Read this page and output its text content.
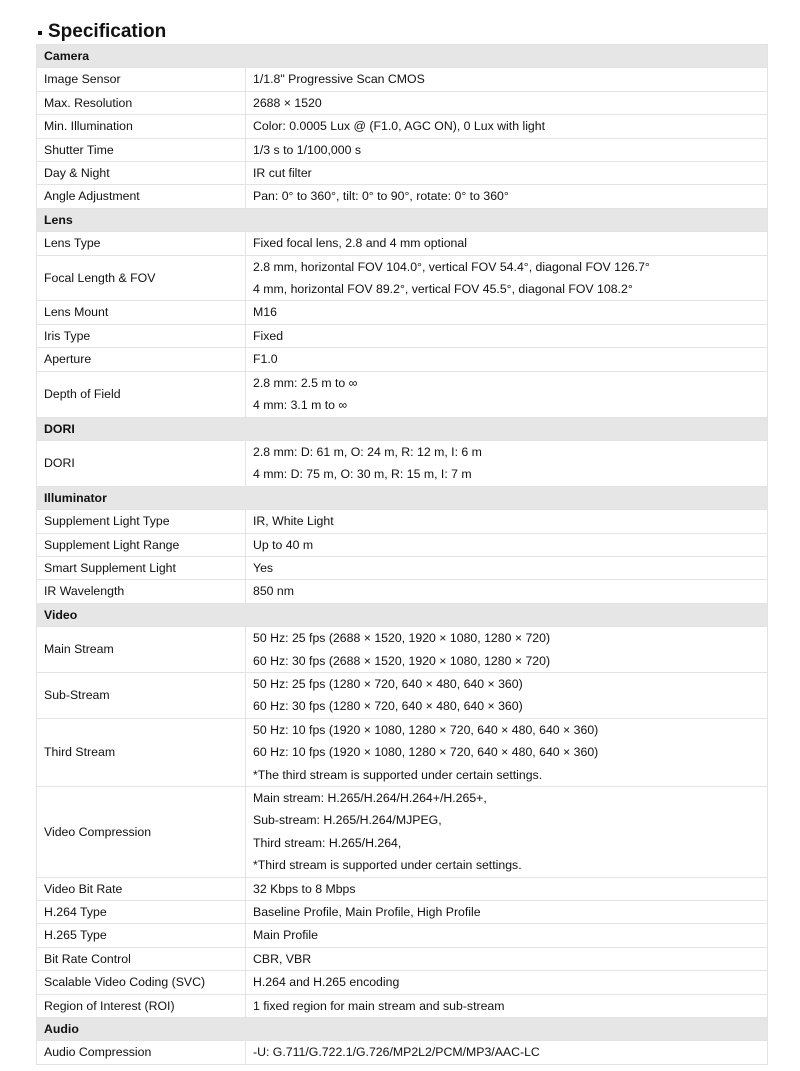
Specification
Camera	
Image Sensor	1/1.8" Progressive Scan CMOS

Max. Resolution	2688 × 1520

Min. Illumination	Color: 0.0005 Lux @ (F1.0, AGC ON), 0 Lux with light

Shutter Time	1/3 s to 1/100,000 s

Day & Night	IR cut filter

Angle Adjustment	Pan: 0° to 360°, tilt: 0° to 90°, rotate: 0° to 360°

Lens	
Lens Type	Fixed focal lens, 2.8 and 4 mm optional

Focal Length & FOV	2.8 mm, horizontal FOV 104.0°, vertical FOV 54.4°, diagonal FOV 126.7°
4 mm, horizontal FOV 89.2°, vertical FOV 45.5°, diagonal FOV 108.2°

Lens Mount	M16

Iris Type	Fixed

Aperture	F1.0

Depth of Field	2.8 mm: 2.5 m to ∞
4 mm: 3.1 m to ∞

DORI	
DORI	2.8 mm: D: 61 m, O: 24 m, R: 12 m, I: 6 m
4 mm: D: 75 m, O: 30 m, R: 15 m, I: 7 m

Illuminator	
Supplement Light Type	IR, White Light

Supplement Light Range	Up to 40 m

Smart Supplement Light	Yes

IR Wavelength	850 nm

Video	
Main Stream	50 Hz: 25 fps (2688 × 1520, 1920 × 1080, 1280 × 720)
60 Hz: 30 fps (2688 × 1520, 1920 × 1080, 1280 × 720)

Sub-Stream	50 Hz: 25 fps (1280 × 720, 640 × 480, 640 × 360)
60 Hz: 30 fps (1280 × 720, 640 × 480, 640 × 360)

Third Stream	50 Hz: 10 fps (1920 × 1080, 1280 × 720, 640 × 480, 640 × 360)
60 Hz: 10 fps (1920 × 1080, 1280 × 720, 640 × 480, 640 × 360)
*The third stream is supported under certain settings.

Video Compression	Main stream: H.265/H.264/H.264+/H.265+,
Sub-stream: H.265/H.264/MJPEG,
Third stream: H.265/H.264,
*Third stream is supported under certain settings.

Video Bit Rate	32 Kbps to 8 Mbps

H.264 Type	Baseline Profile, Main Profile, High Profile

H.265 Type	Main Profile

Bit Rate Control	CBR, VBR

Scalable Video Coding (SVC)	H.264 and H.265 encoding

Region of Interest (ROI)	1 fixed region for main stream and sub-stream

Audio	
Audio Compression	-U: G.711/G.722.1/G.726/MP2L2/PCM/MP3/AAC-LC
